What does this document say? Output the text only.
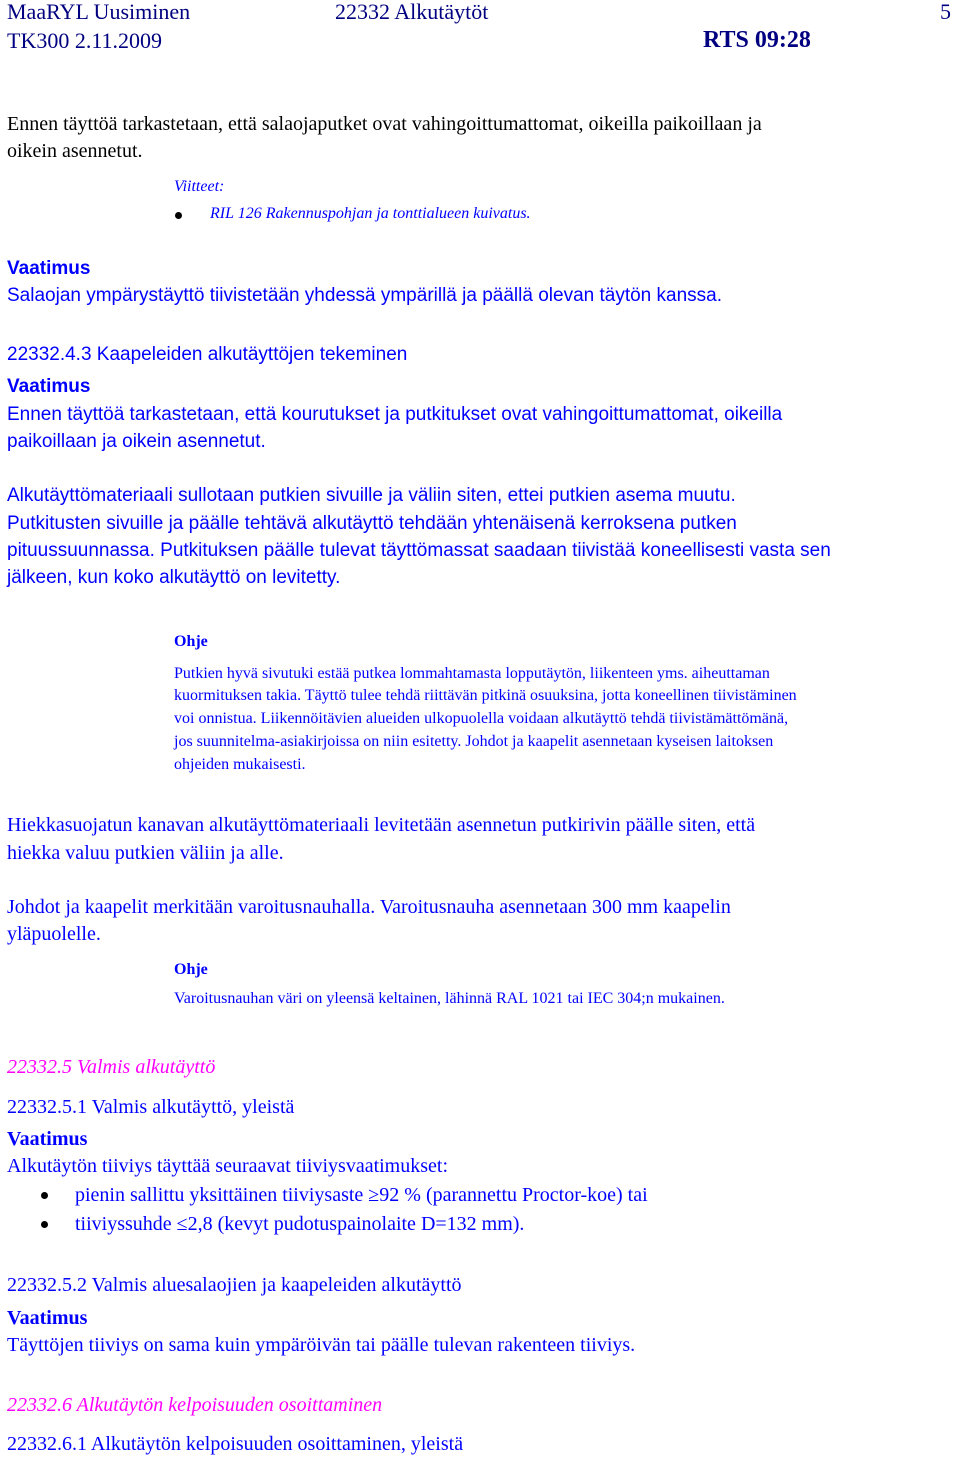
MaaRYL Uusiminen	22332 Alkutäytöt	5
TK300 2.11.2009	RTS 09:28
Ennen täyttöä tarkastetaan, että salaojaputket ovat vahingoittumattomat, oikeilla paikoillaan ja
oikein asennetut.
Viitteet:
RIL 126 Rakennuspohjan ja tonttialueen kuivatus.
Vaatimus
Salaojan ympärystäyttö tiivistetään yhdessä ympärillä ja päällä olevan täytön kanssa.
22332.4.3 Kaapeleiden alkutäyttöjen tekeminen
Vaatimus
Ennen täyttöä tarkastetaan, että kourutukset ja putkitukset ovat vahingoittumattomat, oikeilla
paikoillaan ja oikein asennetut.
Alkutäyttömateriaali sullotaan putkien sivuille ja väliin siten, ettei putkien asema muutu.
Putkitusten sivuille ja päälle tehtävä alkutäyttö tehdään yhtenäisenä kerroksena putken
pituussuunnassa. Putkituksen päälle tulevat täyttömassat saadaan tiivistää koneellisesti vasta sen
jälkeen, kun koko alkutäyttö on levitetty.
Ohje
Putkien hyvä sivutuki estää putkea lommahtamasta lopputäytön, liikenteen yms. aiheuttaman
kuormituksen takia. Täyttö tulee tehdä riittävän pitkinä osuuksina, jotta koneellinen tiivistäminen
voi onnistua. Liikennöitävien alueiden ulkopuolella voidaan alkutäyttö tehdä tiivistämättömänä,
jos suunnitelma-asiakirjoissa on niin esitetty. Johdot ja kaapelit asennetaan kyseisen laitoksen
ohjeiden mukaisesti.
Hiekkasuojatun kanavan alkutäyttömateriaali levitetään asennetun putkirivin päälle siten, että
hiekka valuu putkien väliin ja alle.
Johdot ja kaapelit merkitään varoitusnauhalla. Varoitusnauha asennetaan 300 mm kaapelin
yläpuolelle.
Ohje
Varoitusnauhan väri on yleensä keltainen, lähinnä RAL 1021 tai IEC 304;n mukainen.
22332.5 Valmis alkutäyttö
22332.5.1 Valmis alkutäyttö, yleistä
Vaatimus
Alkutäytön tiiviys täyttää seuraavat tiiviysvaatimukset:
pienin sallittu yksittäinen tiiviysaste ≥92 % (parannettu Proctor-koe) tai
tiiviyssuhde ≤2,8 (kevyt pudotuspainolaite D=132 mm).
22332.5.2 Valmis aluesalaojien ja kaapeleiden alkutäyttö
Vaatimus
Täyttöjen tiiviys on sama kuin ympäröivän tai päälle tulevan rakenteen tiiviys.
22332.6 Alkutäytön kelpoisuuden osoittaminen
22332.6.1 Alkutäytön kelpoisuuden osoittaminen, yleistä
